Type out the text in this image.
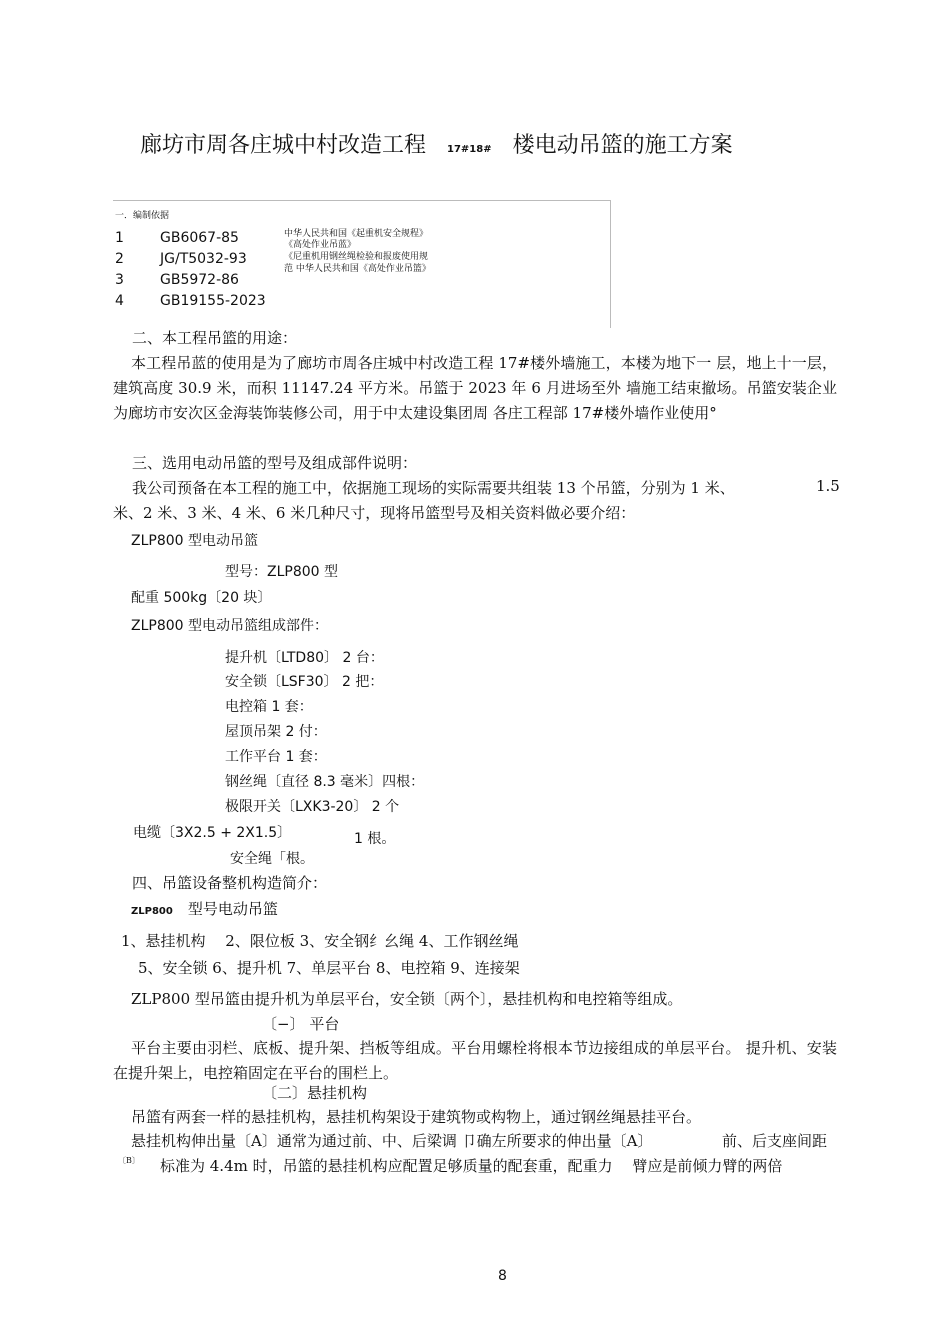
廊坊市周各庄城中村改造工程 17#18# 楼电动吊篮的施工方案
一．编制依据
1	GB6067-85
2	JG/T5032-93
3	GB5972-86
4	GB19155-2023
中华人民共和国《起重机安全规程》
《高处作业吊蓝》
《尼重机用钢丝绳检验和报废使用规
范 中华人民共和国《高处作业吊篮》
二、本工程吊篮的用途：
本工程吊蓝的使用是为了廊坊市周各庄城中村改造工程 17#楼外墙施工，本楼为地下一 层，地上十一层，建筑高度 30.9 米，而积 11147.24 平方米。吊篮于 2023 年 6 月进场至外 墙施工结束撤场。吊篮安装企业为廊坊市安次区金海装饰装修公司，用于中太建设集团周 各庄工程部 17#楼外墙作业使用°
三、选用电动吊篮的型号及组成部件说明：
我公司预备在本工程的施工中，依据施工现场的实际需要共组装 13 个吊篮，分别为 1 米、	1.5
米、2 米、3 米、4 米、6 米几种尺寸，现将吊篮型号及相关资料做必要介绍：
ZLP800 型电动吊篮
型号：ZLP800 型
配重 500kg〔20 块〕
ZLP800 型电动吊篮组成部件：
提升机〔LTD80〕 2 台：
安全锁〔LSF30〕 2 把：
电控箱 1 套：
屋顶吊架 2 付：
工作平台 1 套：
钢丝绳〔直径 8.3 毫米〕四根：
极限开关〔LXK3-20〕 2 个
电缆〔3X2.5 + 2X1.5〕	1 根。
安全绳「根。
四、吊篮设备整机构造简介：
ZLP800 型号电动吊篮
1、悬挂机构　 2、限位板 3、安全钢纟幺绳 4、工作钢丝绳
5、安全锁 6、提升机 7、单层平台 8、电控箱 9、连接架
ZLP800 型吊篮由提升机为单层平台，安全锁〔两个〕，悬挂机构和电控箱等组成。
〔−〕 平台
平台主要由羽栏、底板、提升架、挡板等组成。平台用螺栓将根本节边接组成的单层平台。 提升机、安装在提升架上，电控箱固定在平台的围栏上。
〔二〕悬挂机构
吊篮有两套一样的悬挂机构，悬挂机构架设于建筑物或构物上，通过钢丝绳悬挂平台。
悬挂机构伸出量〔A〕通常为通过前、中、后梁调 卩确左所要求的伸出量〔A〕	前、后支座间距
〔B〕 标准为 4.4m 时，吊篮的悬挂机构应配置足够质量的配套重，配重力　 臂应是前倾力臂的两倍
8
